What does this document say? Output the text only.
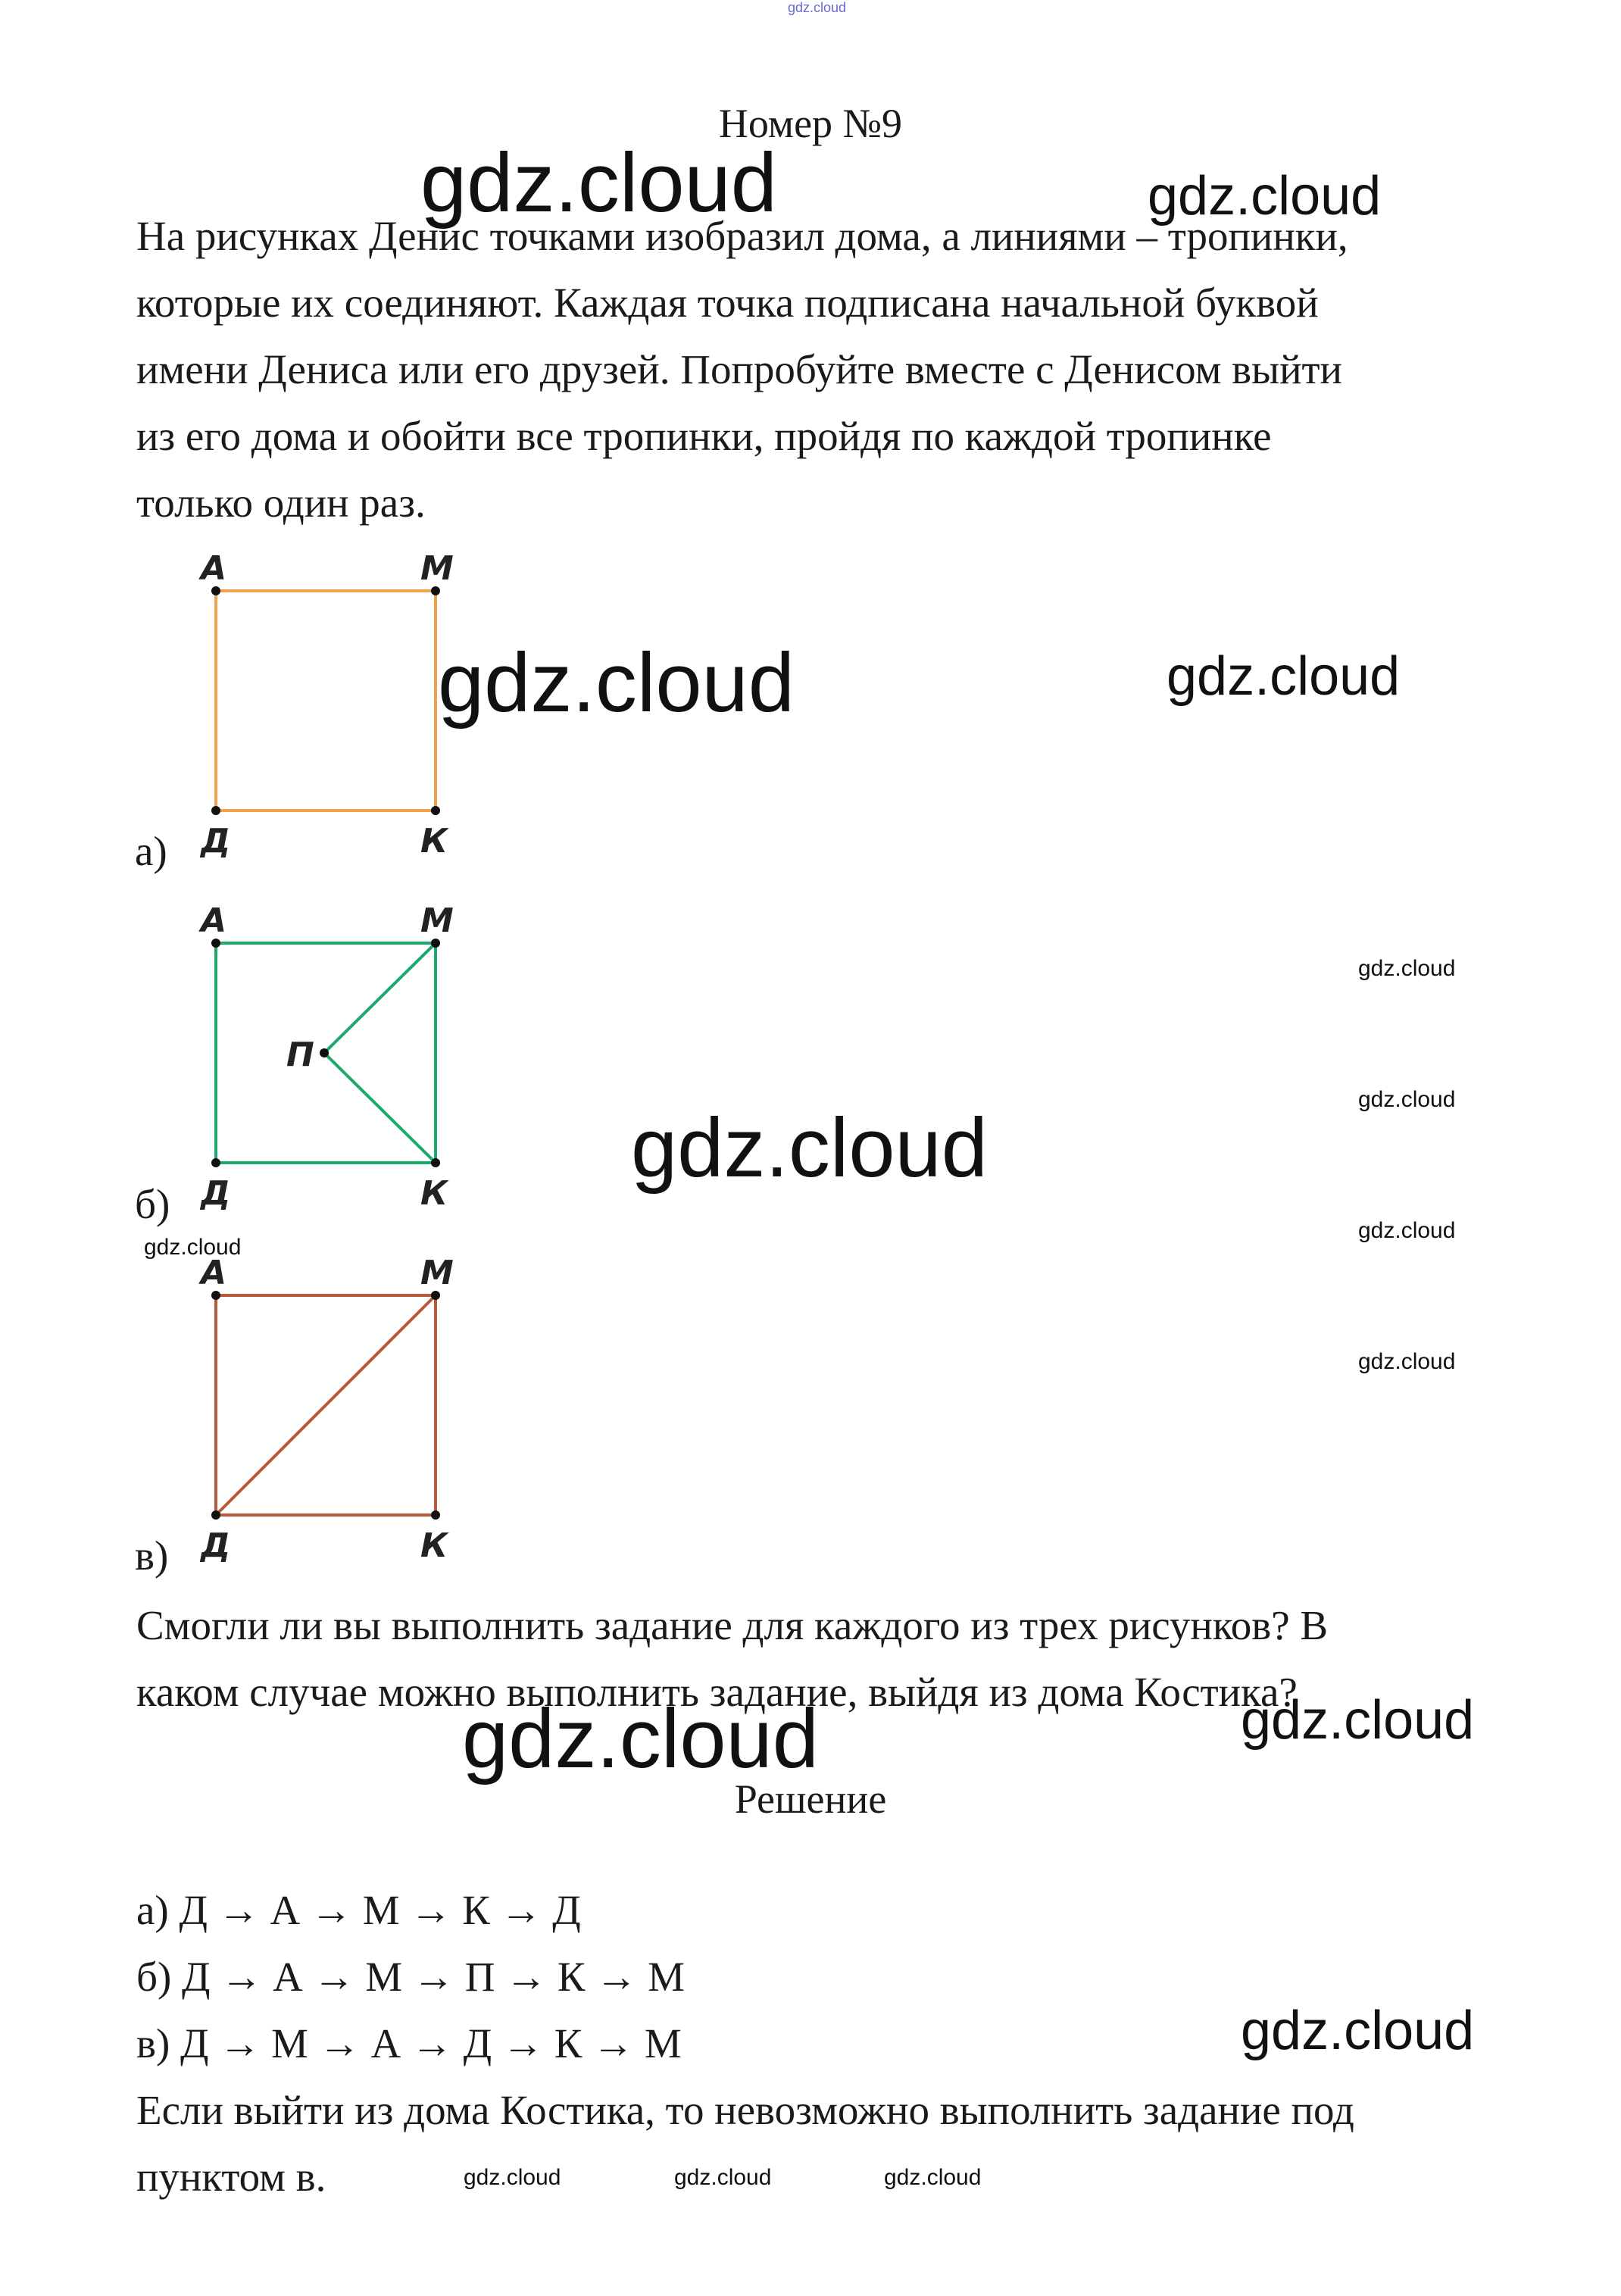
gdz.cloud
Номер №9
На рисунках Денис точками изобразил дома, а линиями – тропинки,
которые их соединяют. Каждая точка подписана начальной буквой
имени Дениса или его друзей. Попробуйте вместе с Денисом выйти
из его дома и обойти все тропинки, пройдя по каждой тропинке
только один раз.
А	М
Д	К
а)
А	М
Д	К
П
б)
А	М
Д	К
в)
Смогли ли вы выполнить задание для каждого из трех рисунков? В
каком случае можно выполнить задание, выйдя из дома Костика?
Решение
а) Д → А → М → К → Д
б) Д → А → М → П → К → М
в) Д → М → А → Д → К → М
Если выйти из дома Костика, то невозможно выполнить задание под
пунктом в.
gdz.cloud	gdz.cloud
gdz.cloud	gdz.cloud
gdz.cloud
gdz.cloud
gdz.cloud
gdz.cloud
gdz.cloud
gdz.cloud
gdz.cloud	gdz.cloud
gdz.cloud
gdz.cloud	gdz.cloud	gdz.cloud
